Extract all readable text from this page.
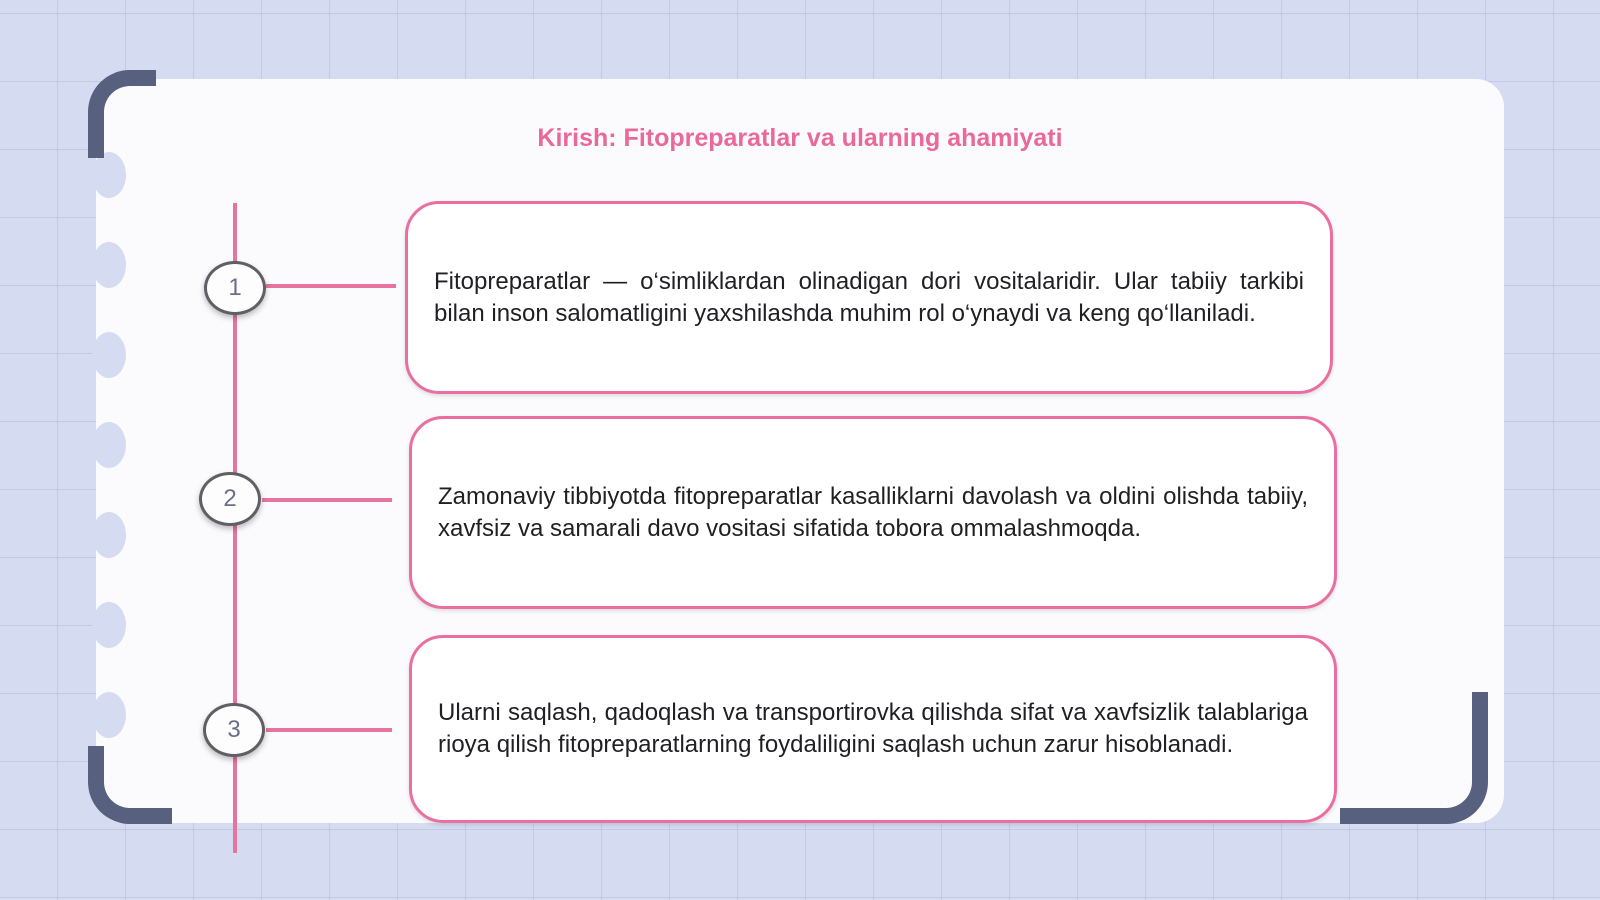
Kirish: Fitopreparatlar va ularning ahamiyati
1
2
3

Fitopreparatlar — o‘simliklardan olinadigan dori vositalaridir. Ular tabiiy tarkibi bilan inson salomatligini yaxshilashda muhim rol o‘ynaydi va keng qo‘llaniladi.

Zamonaviy tibbiyotda fitopreparatlar kasalliklarni davolash va oldini olishda tabiiy, xavfsiz va samarali davo vositasi sifatida tobora ommalashmoqda.

Ularni saqlash, qadoqlash va transportirovka qilishda sifat va xavfsizlik talablariga rioya qilish fitopreparatlarning foydaliligini saqlash uchun zarur hisoblanadi.
